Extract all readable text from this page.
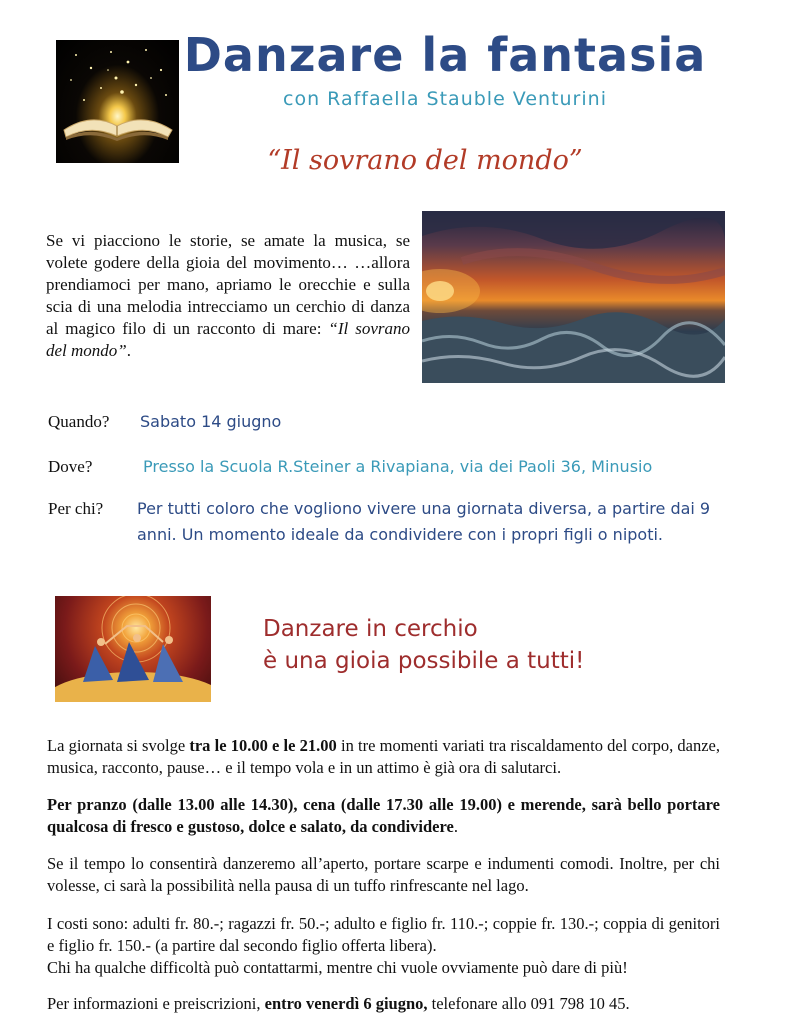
Danzare la fantasia
con Raffaella Stauble Venturini
“Il sovrano del mondo”
Se vi piacciono le storie, se amate la musica, se volete godere della gioia del movimento… …allora prendiamoci per mano, apriamo le orecchie e sulla scia di una melodia intrecciamo un cerchio di danza al magico filo di un racconto di mare: “Il sovrano del mondo”.
Quando? Sabato 14 giugno
Dove?	Presso la Scuola R.Steiner a Rivapiana, via dei Paoli 36, Minusio
Per chi? Per tutti coloro che vogliono vivere una giornata diversa, a partire dai 9 anni. Un momento ideale da condividere con i propri figli o nipoti.
Danzare in cerchio
è una gioia possibile a tutti!
La giornata si svolge tra le 10.00 e le 21.00 in tre momenti variati tra riscaldamento del corpo, danze, musica, racconto, pause… e il tempo vola e in un attimo è già ora di salutarci.
Per pranzo (dalle 13.00 alle 14.30), cena (dalle 17.30 alle 19.00) e merende, sarà bello portare qualcosa di fresco e gustoso, dolce e salato, da condividere.
Se il tempo lo consentirà danzeremo all’aperto, portare scarpe e indumenti comodi. Inoltre, per chi volesse, ci sarà la possibilità nella pausa di un tuffo rinfrescante nel lago.
I costi sono: adulti fr. 80.-; ragazzi fr. 50.-; adulto e figlio fr. 110.-; coppie fr. 130.-; coppia di genitori e figlio fr. 150.- (a partire dal secondo figlio offerta libera).
Chi ha qualche difficoltà può contattarmi, mentre chi vuole ovviamente può dare di più!
Per informazioni e preiscrizioni, entro venerdì 6 giugno, telefonare allo 091 798 10 45.
